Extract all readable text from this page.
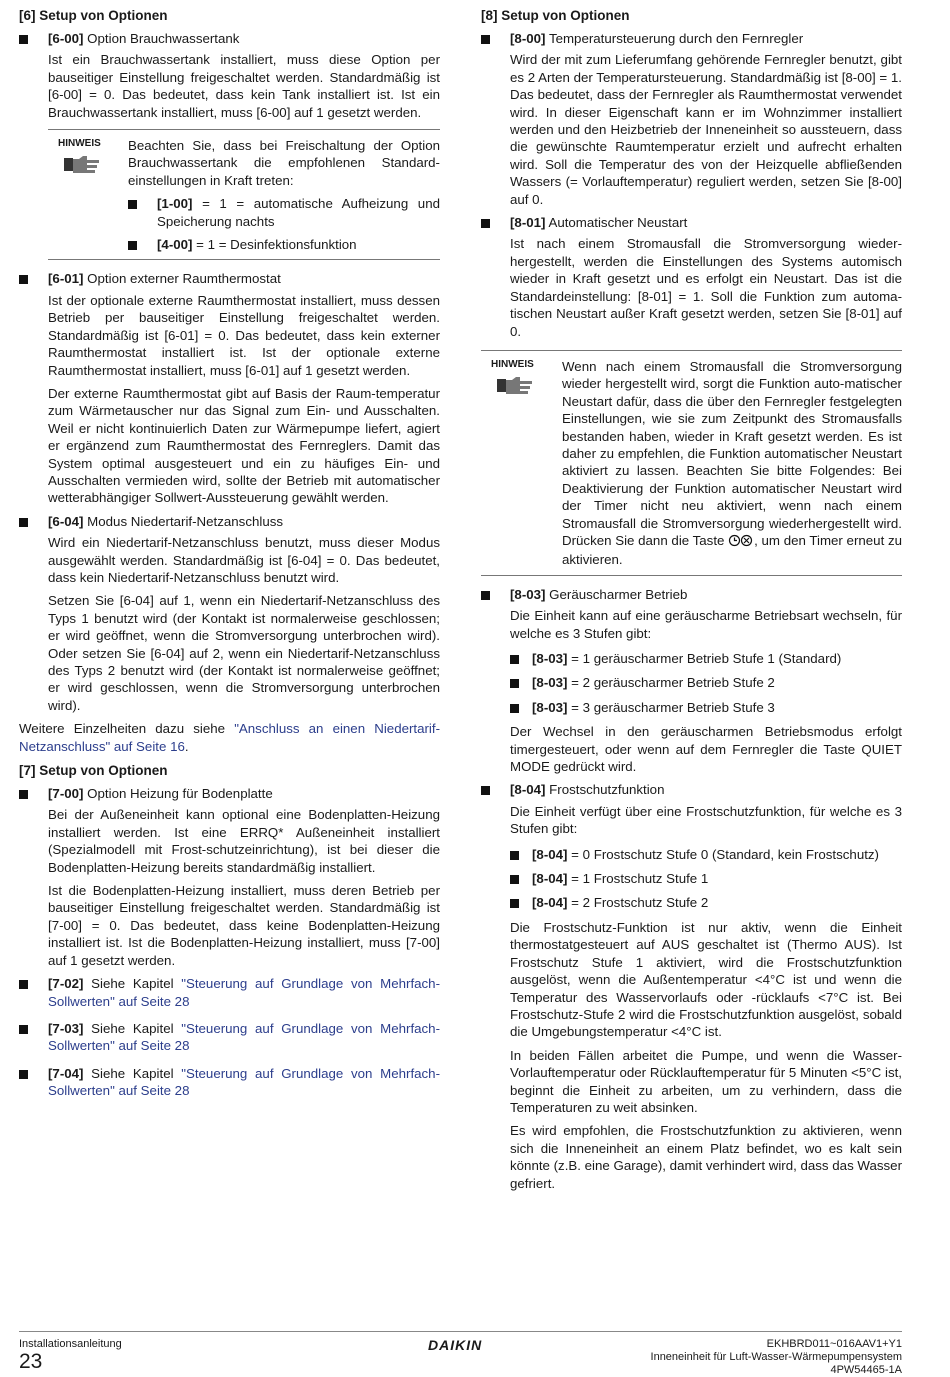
[6] Setup von Optionen
[6-00] Option Brauchwassertank
Ist ein Brauchwassertank installiert, muss diese Option per bauseitiger Einstellung freigeschaltet werden. Standardmäßig ist [6-00] = 0. Das bedeutet, dass kein Tank installiert ist. Ist ein Brauchwassertank installiert, muss [6-00] auf 1 gesetzt werden.
HINWEIS	Beachten Sie, dass bei Freischaltung der Option Brauchwassertank die empfohlenen Standard-einstellungen in Kraft treten:
[1-00] = 1 = automatische Aufheizung und Speicherung nachts
[4-00] = 1 = Desinfektionsfunktion
[6-01] Option externer Raumthermostat
Ist der optionale externe Raumthermostat installiert, muss dessen Betrieb per bauseitiger Einstellung freigeschaltet werden. Standardmäßig ist [6-01] = 0. Das bedeutet, dass kein externer Raumthermostat installiert ist. Ist der optionale externe Raumthermostat installiert, muss [6-01] auf 1 gesetzt werden.
Der externe Raumthermostat gibt auf Basis der Raum-temperatur zum Wärmetauscher nur das Signal zum Ein- und Ausschalten. Weil er nicht kontinuierlich Daten zur Wärmepumpe liefert, agiert er ergänzend zum Raumthermostat des Fernreglers. Damit das System optimal ausgesteuert und ein zu häufiges Ein- und Ausschalten vermieden wird, sollte der Betrieb mit automatischer wetterabhängiger Sollwert-Aussteuerung gewählt werden.
[6-04] Modus Niedertarif-Netzanschluss
Wird ein Niedertarif-Netzanschluss benutzt, muss dieser Modus ausgewählt werden. Standardmäßig ist [6-04] = 0. Das bedeutet, dass kein Niedertarif-Netzanschluss benutzt wird.
Setzen Sie [6-04] auf 1, wenn ein Niedertarif-Netzanschluss des Typs 1 benutzt wird (der Kontakt ist normalerweise geschlossen; er wird geöffnet, wenn die Stromversorgung unterbrochen wird). Oder setzen Sie [6-04] auf 2, wenn ein Niedertarif-Netzanschluss des Typs 2 benutzt wird (der Kontakt ist normalerweise geöffnet; er wird geschlossen, wenn die Stromversorgung unterbrochen wird).
Weitere Einzelheiten dazu siehe "Anschluss an einen Niedertarif-Netzanschluss" auf Seite 16.
[7] Setup von Optionen
[7-00] Option Heizung für Bodenplatte
Bei der Außeneinheit kann optional eine Bodenplatten-Heizung installiert werden. Ist eine ERRQ* Außeneinheit installiert (Spezialmodell mit Frost-schutzeinrichtung), ist bei dieser die Bodenplatten-Heizung bereits standardmäßig installiert.
Ist die Bodenplatten-Heizung installiert, muss deren Betrieb per bauseitiger Einstellung freigeschaltet werden. Standardmäßig ist [7-00] = 0. Das bedeutet, dass keine Bodenplatten-Heizung installiert ist. Ist die Bodenplatten-Heizung installiert, muss [7-00] auf 1 gesetzt werden.
[7-02] Siehe Kapitel "Steuerung auf Grundlage von Mehrfach-Sollwerten" auf Seite 28
[7-03] Siehe Kapitel "Steuerung auf Grundlage von Mehrfach-Sollwerten" auf Seite 28
[7-04] Siehe Kapitel "Steuerung auf Grundlage von Mehrfach-Sollwerten" auf Seite 28
[8] Setup von Optionen
[8-00] Temperatursteuerung durch den Fernregler
Wird der mit zum Lieferumfang gehörende Fernregler benutzt, gibt es 2 Arten der Temperatursteuerung. Standardmäßig ist [8-00] = 1. Das bedeutet, dass der Fernregler als Raumthermostat verwendet wird. In dieser Eigenschaft kann er im Wohnzimmer installiert werden und den Heizbetrieb der Inneneinheit so aussteuern, dass die gewünschte Raumtemperatur erzielt und aufrecht erhalten wird. Soll die Temperatur des von der Heizquelle abfließenden Wassers (= Vorlauftemperatur) reguliert werden, setzen Sie [8-00] auf 0.
[8-01] Automatischer Neustart
Ist nach einem Stromausfall die Stromversorgung wieder-hergestellt, werden die Einstellungen des Systems automisch wieder in Kraft gesetzt und es erfolgt ein Neustart. Das ist die Standardeinstellung: [8-01] = 1. Soll die Funktion zum automa-tischen Neustart außer Kraft gesetzt werden, setzen Sie [8-01] auf 0.
HINWEIS	Wenn nach einem Stromausfall die Stromversorgung wieder hergestellt wird, sorgt die Funktion auto-matischer Neustart dafür, dass die über den Fernregler festgelegten Einstellungen, wie sie zum Zeitpunkt des Stromausfalls bestanden haben, wieder in Kraft gesetzt werden. Es ist daher zu empfehlen, die Funktion automatischer Neustart aktiviert zu lassen. Beachten Sie bitte Folgendes: Bei Deaktivierung der Funktion automatischer Neustart wird der Timer nicht neu aktiviert, wenn nach einem Stromausfall die Stromversorgung wiederhergestellt wird. Drücken Sie dann die Taste , um den Timer erneut zu aktivieren.
[8-03] Geräuscharmer Betrieb
Die Einheit kann auf eine geräuscharme Betriebsart wechseln, für welche es 3 Stufen gibt:
[8-03] = 1 geräuscharmer Betrieb Stufe 1 (Standard)
[8-03] = 2 geräuscharmer Betrieb Stufe 2
[8-03] = 3 geräuscharmer Betrieb Stufe 3
Der Wechsel in den geräuscharmen Betriebsmodus erfolgt timergesteuert, oder wenn auf dem Fernregler die Taste QUIET MODE gedrückt wird.
[8-04] Frostschutzfunktion
Die Einheit verfügt über eine Frostschutzfunktion, für welche es 3 Stufen gibt:
[8-04] = 0 Frostschutz Stufe 0 (Standard, kein Frostschutz)
[8-04] = 1 Frostschutz Stufe 1
[8-04] = 2 Frostschutz Stufe 2
Die Frostschutz-Funktion ist nur aktiv, wenn die Einheit thermostatgesteuert auf AUS geschaltet ist (Thermo AUS). Ist Frostschutz Stufe 1 aktiviert, wird die Frostschutzfunktion ausgelöst, wenn die Außentemperatur <4°C ist und wenn die Temperatur des Wasservorlaufs oder -rücklaufs <7°C ist. Bei Frostschutz-Stufe 2 wird die Frostschutzfunktion ausgelöst, sobald die Umgebungstemperatur <4°C ist.
In beiden Fällen arbeitet die Pumpe, und wenn die Wasser-Vorlauftemperatur oder Rücklauftemperatur für 5 Minuten <5°C ist, beginnt die Einheit zu arbeiten, um zu verhindern, dass die Temperaturen zu weit absinken.
Es wird empfohlen, die Frostschutzfunktion zu aktivieren, wenn sich die Inneneinheit an einem Platz befindet, wo es kalt sein könnte (z.B. eine Garage), damit verhindert wird, dass das Wasser gefriert.
Installationsanleitung
23
DAIKIN	EKHBRD011~016AAV1+Y1
Inneneinheit für Luft-Wasser-Wärmepumpensystem
4PW54465-1A
